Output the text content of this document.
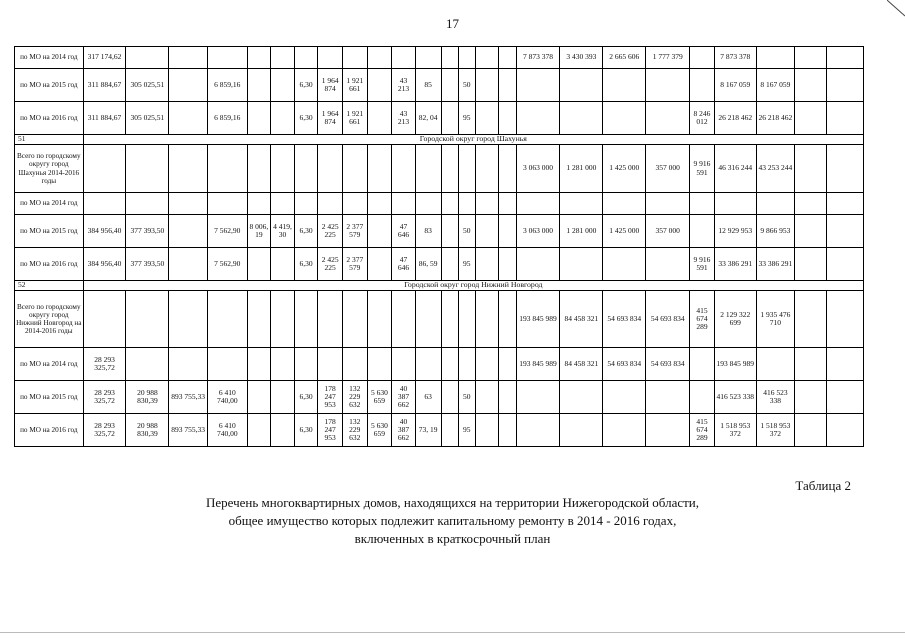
17
по МО на 2014 год	317 174,62																7 873 378	3 430 393	2 665 606	1 777 379		7 873 378			
по МО на 2015 год	311 884,67	305 025,51		6 859,16			6,30	1 964 874	1 921 661		43 213	85		50								8 167 059	8 167 059		
по МО на 2016 год	311 884,67	305 025,51		6 859,16			6,30	1 964 874	1 921 661		43 213	82, 04		95							8 246 012	26 218 462	26 218 462		
51	Городской округ город Шахунья																								
Всего по городскому округу город Шахунья 2014-2016 годы																	3 063 000	1 281 000	1 425 000	357 000	9 916 591	46 316 244	43 253 244		
по МО на 2014 год																									
по МО на 2015 год	384 956,40	377 393,50		7 562,90	8 006, 19	4 419, 30	6,30	2 425 225	2 377 579		47 646	83		50			3 063 000	1 281 000	1 425 000	357 000		12 929 953	9 866 953		
по МО на 2016 год	384 956,40	377 393,50		7 562,90			6,30	2 425 225	2 377 579		47 646	86, 59		95							9 916 591	33 386 291	33 386 291		
52	Городской округ город Нижний Новгород																								
Всего по городскому округу город Нижний Новгород на 2014-2016 годы																	193 845 989	84 458 321	54 693 834	54 693 834	415 674 289	2 129 322 699	1 935 476 710		
по МО на 2014 год	28 293 325,72																193 845 989	84 458 321	54 693 834	54 693 834		193 845 989			
по МО на 2015 год	28 293 325,72	20 988 830,39	893 755,33	6 410 740,00			6,30	178 247 953	132 229 632	5 630 659	40 387 662	63		50								416 523 338	416 523 338		
по МО на 2016 год	28 293 325,72	20 988 830,39	893 755,33	6 410 740,00			6,30	178 247 953	132 229 632	5 630 659	40 387 662	73, 19		95							415 674 289	1 518 953 372	1 518 953 372		
Таблица 2
Перечень многоквартирных домов, находящихся на территории Нижегородской области,
общее имущество которых подлежит капитальному ремонту в 2014 - 2016 годах,
включенных в краткосрочный план
